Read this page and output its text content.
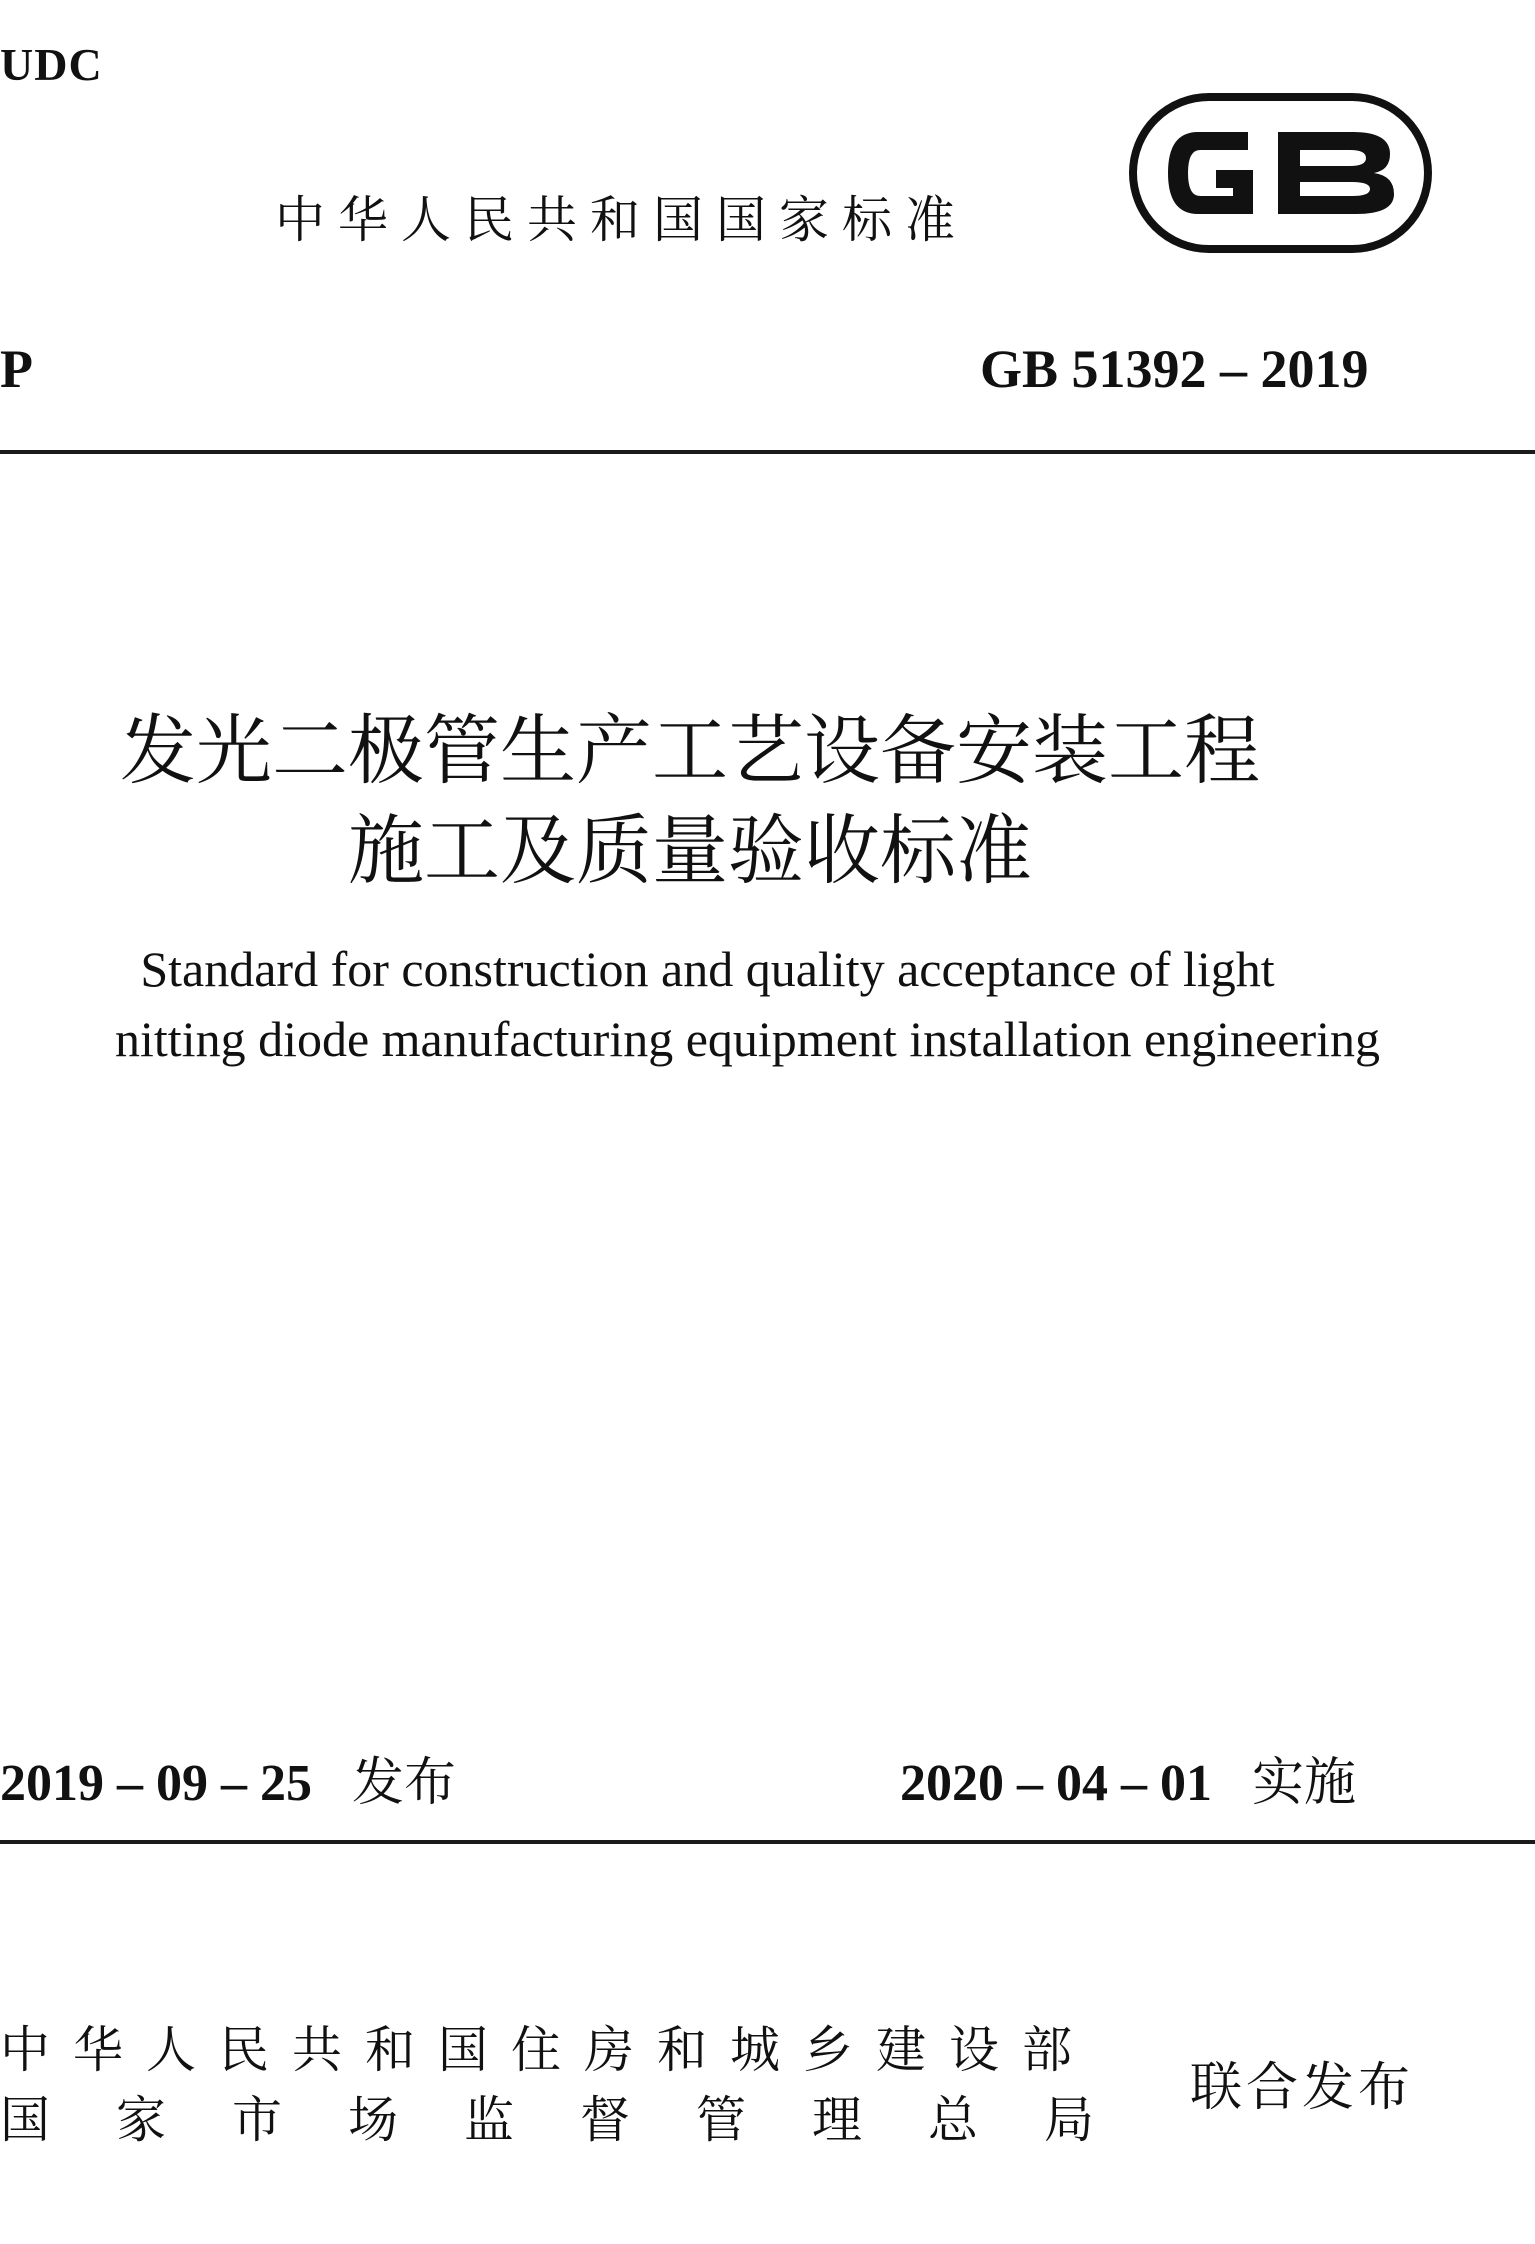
UDC
中华人民共和国国家标准
P	GB 51392 – 2019
发光二极管生产工艺设备安装工程
施工及质量验收标准
Standard for construction and quality acceptance of light
nitting diode manufacturing equipment installation engineering
2019 – 09 – 25 发布	2020 – 04 – 01 实施
中华人民共和国住房和城乡建设部
国家市场监督管理总局
联合发布
